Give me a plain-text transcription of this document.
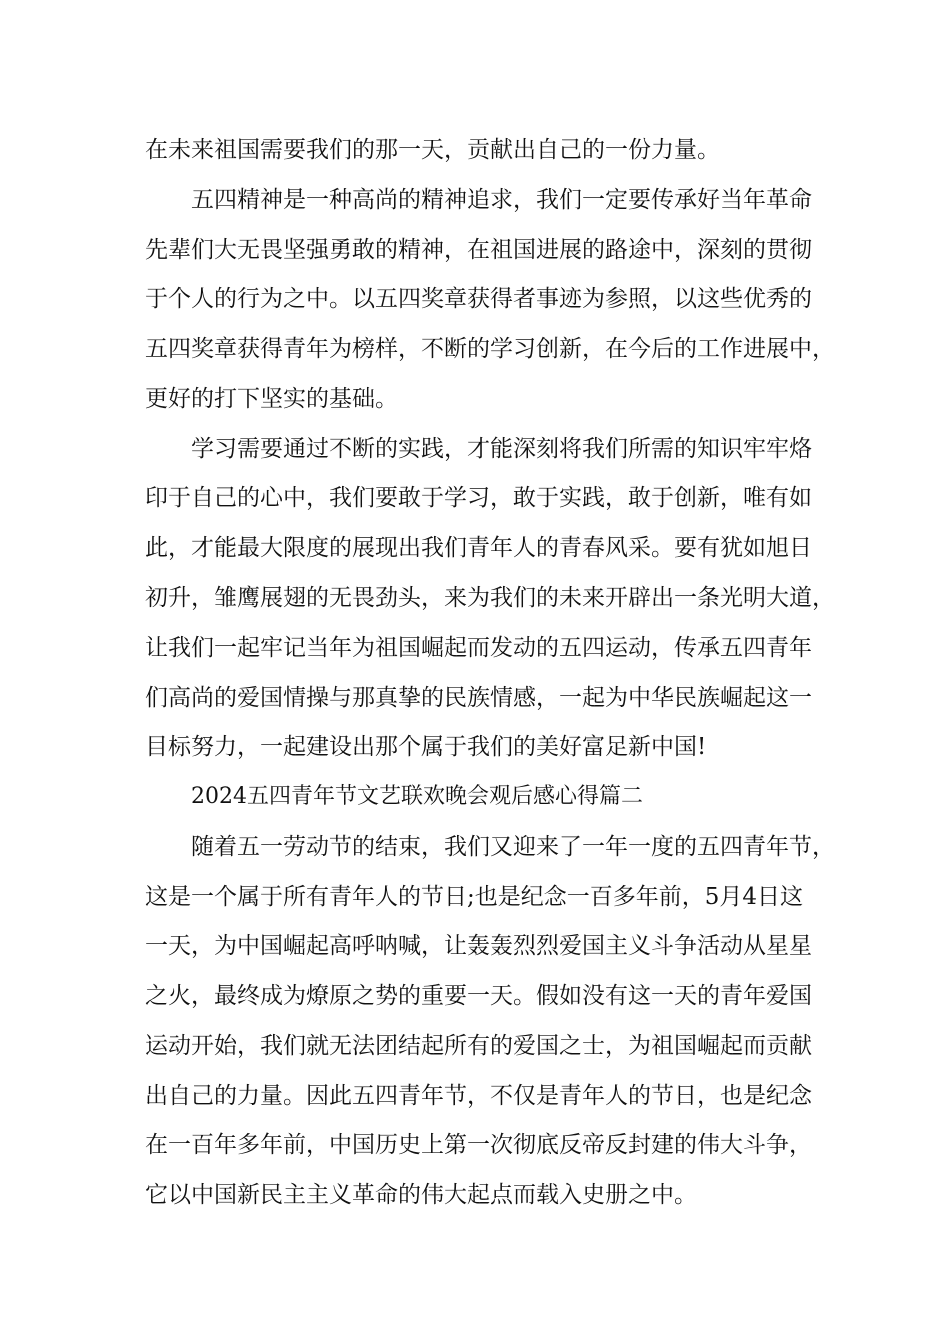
在未来祖国需要我们的那一天，贡献出自己的一份力量。

五四精神是一种高尚的精神追求，我们一定要传承好当年革命

先辈们大无畏坚强勇敢的精神，在祖国进展的路途中，深刻的贯彻

于个人的行为之中。以五四奖章获得者事迹为参照，以这些优秀的

五四奖章获得青年为榜样，不断的学习创新，在今后的工作进展中，

更好的打下坚实的基础。

学习需要通过不断的实践，才能深刻将我们所需的知识牢牢烙

印于自己的心中，我们要敢于学习，敢于实践，敢于创新，唯有如

此，才能最大限度的展现出我们青年人的青春风采。要有犹如旭日

初升，雏鹰展翅的无畏劲头，来为我们的未来开辟出一条光明大道，

让我们一起牢记当年为祖国崛起而发动的五四运动，传承五四青年

们高尚的爱国情操与那真挚的民族情感，一起为中华民族崛起这一

目标努力，一起建设出那个属于我们的美好富足新中国!

2024五四青年节文艺联欢晚会观后感心得篇二

随着五一劳动节的结束，我们又迎来了一年一度的五四青年节，

这是一个属于所有青年人的节日;也是纪念一百多年前，5月4日这

一天，为中国崛起高呼呐喊，让轰轰烈烈爱国主义斗争活动从星星

之火，最终成为燎原之势的重要一天。假如没有这一天的青年爱国

运动开始，我们就无法团结起所有的爱国之士，为祖国崛起而贡献

出自己的力量。因此五四青年节，不仅是青年人的节日，也是纪念

在一百年多年前，中国历史上第一次彻底反帝反封建的伟大斗争，

它以中国新民主主义革命的伟大起点而载入史册之中。
